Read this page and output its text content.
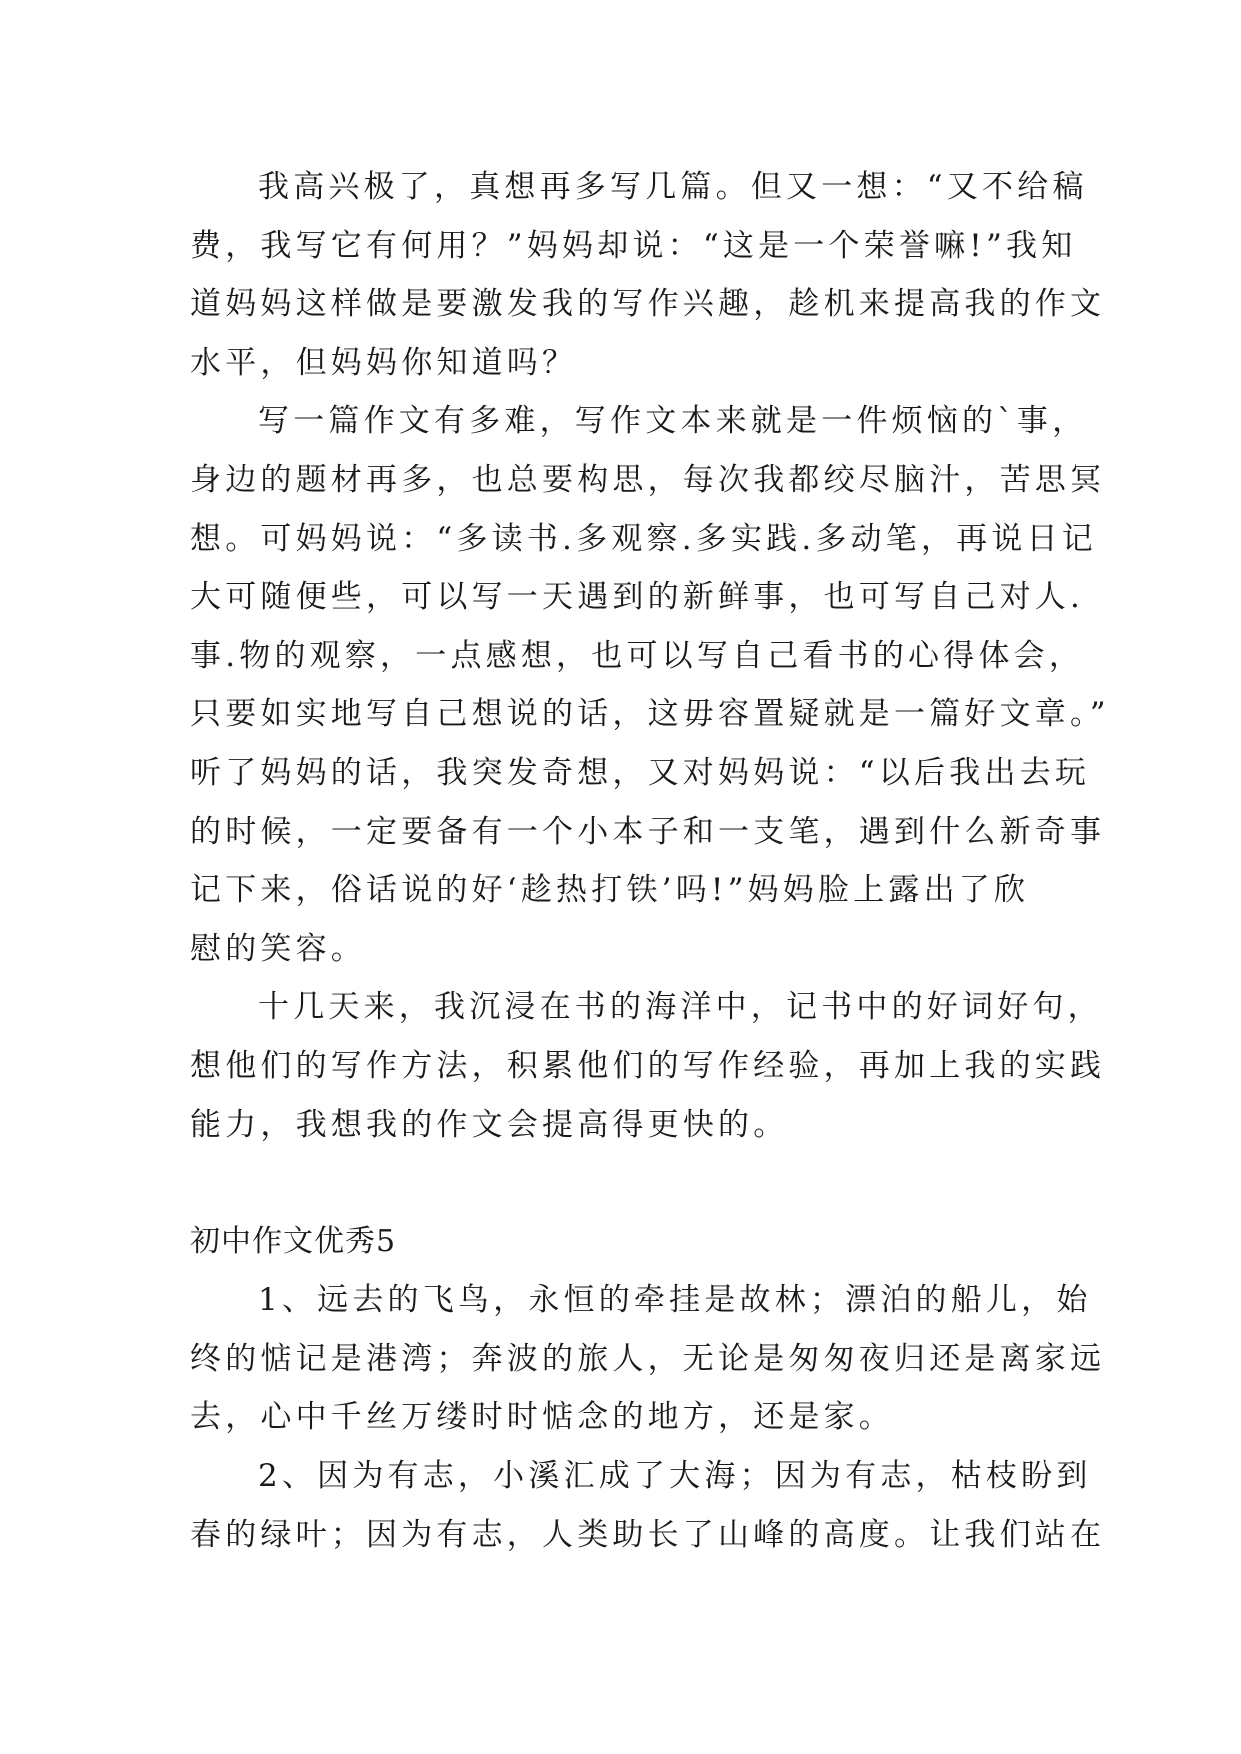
我高兴极了，真想再多写几篇。但又一想：“又不给稿
费，我写它有何用？”妈妈却说：“这是一个荣誉嘛!”我知
道妈妈这样做是要激发我的写作兴趣，趁机来提高我的作文
水平，但妈妈你知道吗？
写一篇作文有多难，写作文本来就是一件烦恼的`事，
身边的题材再多，也总要构思，每次我都绞尽脑汁，苦思冥
想。可妈妈说：“多读书.多观察.多实践.多动笔，再说日记
大可随便些，可以写一天遇到的新鲜事，也可写自己对人.
事.物的观察，一点感想，也可以写自己看书的心得体会，
只要如实地写自己想说的话，这毋容置疑就是一篇好文章。”
听了妈妈的话，我突发奇想，又对妈妈说：“以后我出去玩
的时候，一定要备有一个小本子和一支笔，遇到什么新奇事
记下来，俗话说的好‘趁热打铁’吗!”妈妈脸上露出了欣
慰的笑容。
十几天来，我沉浸在书的海洋中，记书中的好词好句，
想他们的写作方法，积累他们的写作经验，再加上我的实践
能力，我想我的作文会提高得更快的。
初中作文优秀5
1、远去的飞鸟，永恒的牵挂是故林；漂泊的船儿，始
终的惦记是港湾；奔波的旅人，无论是匆匆夜归还是离家远
去，心中千丝万缕时时惦念的地方，还是家。
2、因为有志，小溪汇成了大海；因为有志，枯枝盼到
春的绿叶；因为有志，人类助长了山峰的高度。让我们站在
